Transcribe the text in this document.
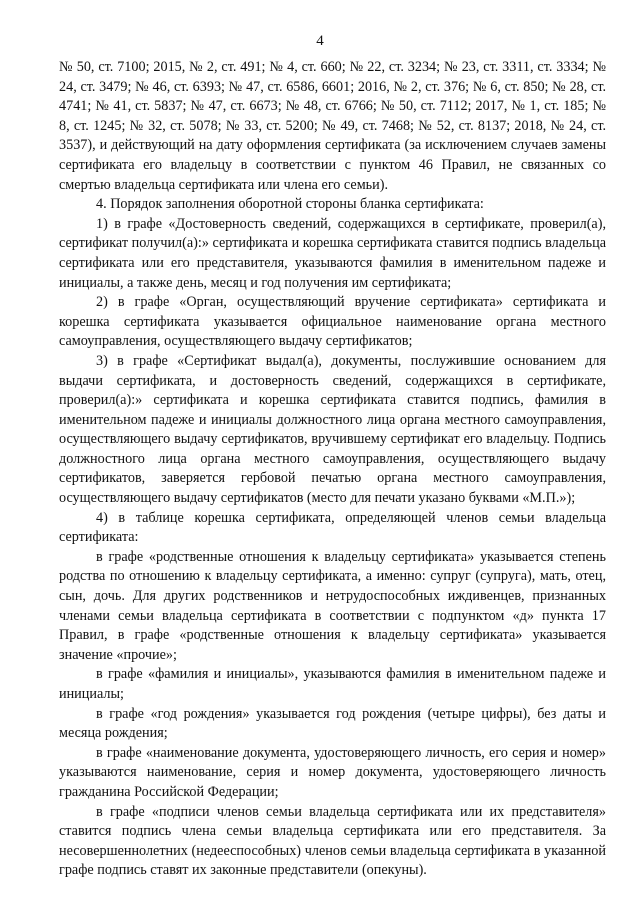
4

№ 50, ст. 7100; 2015, № 2, ст. 491; № 4, ст. 660; № 22, ст. 3234; № 23, ст. 3311, ст. 3334; № 24, ст. 3479; № 46, ст. 6393; № 47, ст. 6586, 6601; 2016, № 2, ст. 376; № 6, ст. 850; № 28, ст. 4741; № 41, ст. 5837; № 47, ст. 6673; № 48, ст. 6766; № 50, ст. 7112; 2017, № 1, ст. 185; № 8, ст. 1245; № 32, ст. 5078; № 33, ст. 5200; № 49, ст. 7468; № 52, ст. 8137; 2018, № 24, ст. 3537), и действующий на дату оформления сертификата (за исключением случаев замены сертификата его владельцу в соответствии с пунктом 46 Правил, не связанных со смертью владельца сертификата или члена его семьи).

4. Порядок заполнения оборотной стороны бланка сертификата:

1) в графе «Достоверность сведений, содержащихся в сертификате, проверил(а), сертификат получил(а):» сертификата и корешка сертификата ставится подпись владельца сертификата или его представителя, указываются фамилия в именительном падеже и инициалы, а также день, месяц и год получения им сертификата;

2) в графе «Орган, осуществляющий вручение сертификата» сертификата и корешка сертификата указывается официальное наименование органа местного самоуправления, осуществляющего выдачу сертификатов;

3) в графе «Сертификат выдал(а), документы, послужившие основанием для выдачи сертификата, и достоверность сведений, содержащихся в сертификате, проверил(а):» сертификата и корешка сертификата ставится подпись, фамилия в именительном падеже и инициалы должностного лица органа местного самоуправления, осуществляющего выдачу сертификатов, вручившему сертификат его владельцу. Подпись должностного лица органа местного самоуправления, осуществляющего выдачу сертификатов, заверяется гербовой печатью органа местного самоуправления, осуществляющего выдачу сертификатов (место для печати указано буквами «М.П.»);

4) в таблице корешка сертификата, определяющей членов семьи владельца сертификата:

в графе «родственные отношения к владельцу сертификата» указывается степень родства по отношению к владельцу сертификата, а именно: супруг (супруга), мать, отец, сын, дочь. Для других родственников и нетрудоспособных иждивенцев, признанных членами семьи владельца сертификата в соответствии с подпунктом «д» пункта 17 Правил, в графе «родственные отношения к владельцу сертификата» указывается значение «прочие»;

в графе «фамилия и инициалы», указываются фамилия в именительном падеже и инициалы;

в графе «год рождения» указывается год рождения (четыре цифры), без даты и месяца рождения;

в графе «наименование документа, удостоверяющего личность, его серия и номер» указываются наименование, серия и номер документа, удостоверяющего личность гражданина Российской Федерации;

в графе «подписи членов семьи владельца сертификата или их представителя» ставится подпись члена семьи владельца сертификата или его представителя. За несовершеннолетних (недееспособных) членов семьи владельца сертификата в указанной графе подпись ставят их законные представители (опекуны).
